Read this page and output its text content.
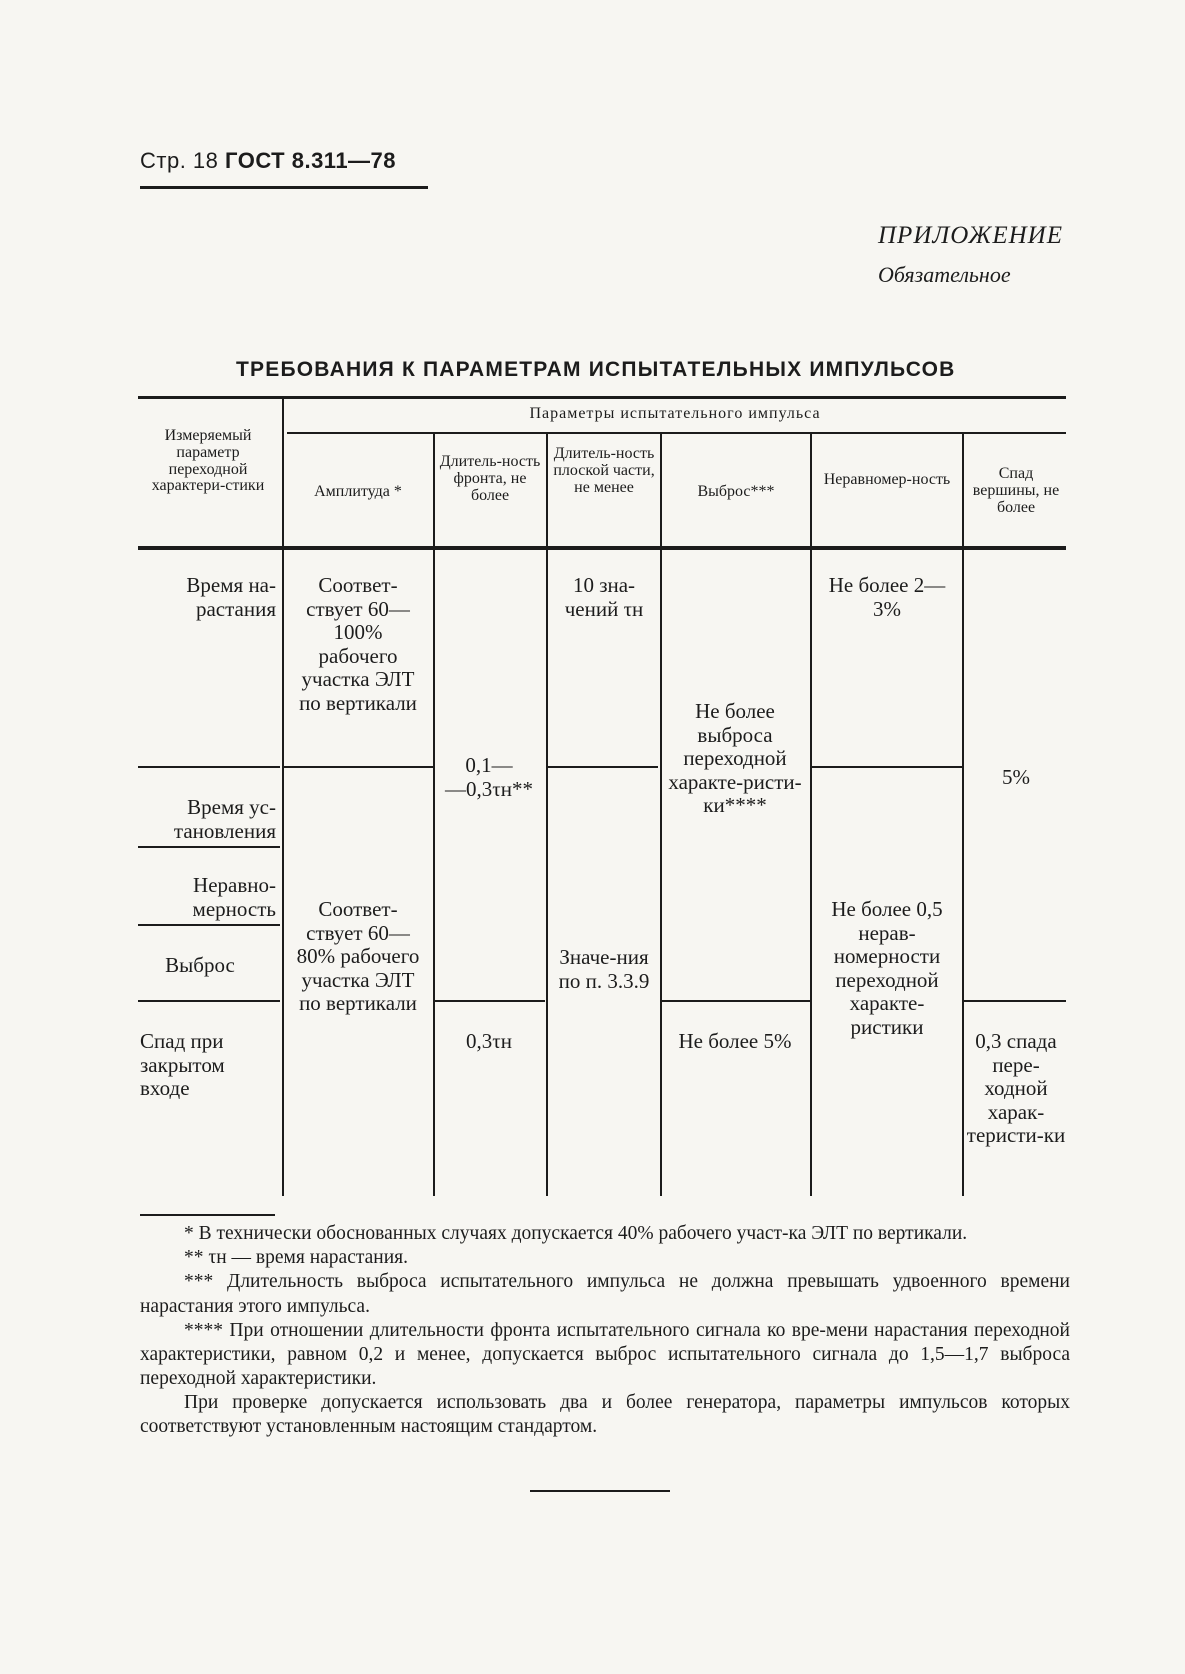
Стр. 18 ГОСТ 8.311—78
ПРИЛОЖЕНИЕ
Обязательное
ТРЕБОВАНИЯ К ПАРАМЕТРАМ ИСПЫТАТЕЛЬНЫХ ИМПУЛЬСОВ
Измеряемый параметр переходной характери-стики
Параметры испытательного импульса
Амплитуда *
Длитель-ность фронта, не более
Длитель-ность плоской части, не менее	Выброс***
Неравномер-ность	Спад вершины, не более
Время на-растания
Время ус-тановления
Неравно-мерность
Выброс
Спад при закрытом входе
Соответ-ствует 60—100% рабочего участка ЭЛТ по вертикали
Соответ-ствует 60—80% рабочего участка ЭЛТ по вертикали
0,1—
—0,3τн**
0,3τн
10 зна-чений τн
Значе-ния по п. 3.3.9
Не более выброса переходной характе-ристи-ки****
Не более 5%
Не более 2—3%
Не более 0,5 нерав-номерности переходной характе-ристики
5%
0,3 спада пере-ходной харак-теристи-ки

* В технически обоснованных случаях допускается 40% рабочего участ-ка ЭЛТ по вертикали.

** τн — время нарастания.

*** Длительность выброса испытательного импульса не должна превышать удвоенного времени нарастания этого импульса.

**** При отношении длительности фронта испытательного сигнала ко вре-мени нарастания переходной характеристики, равном 0,2 и менее, допускается выброс испытательного сигнала до 1,5—1,7 выброса переходной характеристики.

При проверке допускается использовать два и более генератора, параметры импульсов которых соответствуют установленным настоящим стандартом.
